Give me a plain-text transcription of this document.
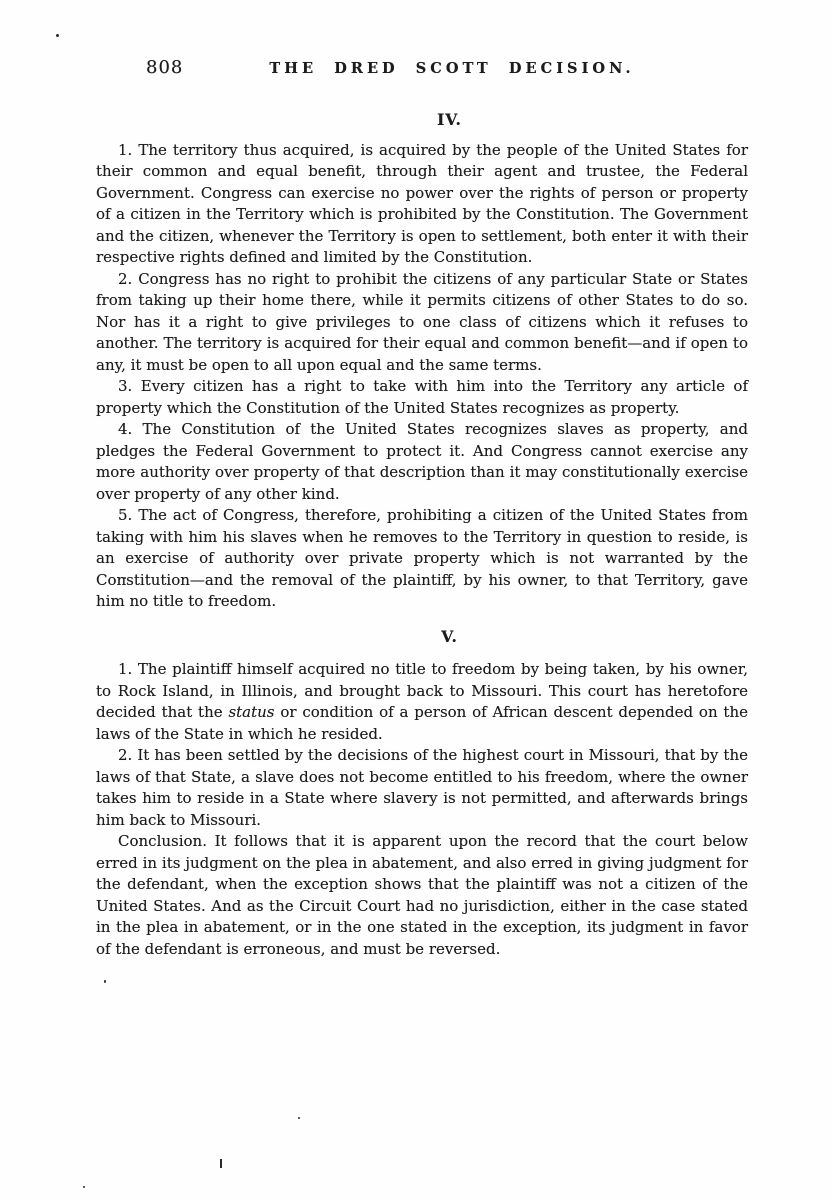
808	THE DRED SCOTT DECISION.
IV.

1. The territory thus acquired, is acquired by the people of the United States for their common and equal benefit, through their agent and trustee, the Federal Government. Congress can exercise no power over the rights of person or property of a citizen in the Territory which is prohibited by the Constitution. The Government and the citizen, whenever the Territory is open to settlement, both enter it with their respective rights defined and limited by the Constitution.

2. Congress has no right to prohibit the citizens of any particular State or States from taking up their home there, while it permits citizens of other States to do so. Nor has it a right to give privileges to one class of citizens which it refuses to another. The territory is acquired for their equal and common benefit—and if open to any, it must be open to all upon equal and the same terms.

3. Every citizen has a right to take with him into the Territory any article of property which the Constitution of the United States recognizes as property.

4. The Constitution of the United States recognizes slaves as property, and pledges the Federal Government to protect it. And Congress cannot exercise any more authority over property of that description than it may constitutionally exercise over property of any other kind.

5. The act of Congress, therefore, prohibiting a citizen of the United States from taking with him his slaves when he removes to the Territory in question to reside, is an exercise of authority over private property which is not warranted by the Constitution—and the removal of the plaintiff, by his owner, to that Territory, gave him no title to freedom.

V.

1. The plaintiff himself acquired no title to freedom by being taken, by his owner, to Rock Island, in Illinois, and brought back to Missouri. This court has heretofore decided that the status or condition of a person of African descent depended on the laws of the State in which he resided.

2. It has been settled by the decisions of the highest court in Missouri, that by the laws of that State, a slave does not become entitled to his freedom, where the owner takes him to reside in a State where slavery is not permitted, and afterwards brings him back to Missouri.

Conclusion. It follows that it is apparent upon the record that the court below erred in its judgment on the plea in abatement, and also erred in giving judgment for the defendant, when the exception shows that the plaintiff was not a citizen of the United States. And as the Circuit Court had no jurisdiction, either in the case stated in the plea in abatement, or in the one stated in the exception, its judgment in favor of the defendant is erroneous, and must be reversed.
